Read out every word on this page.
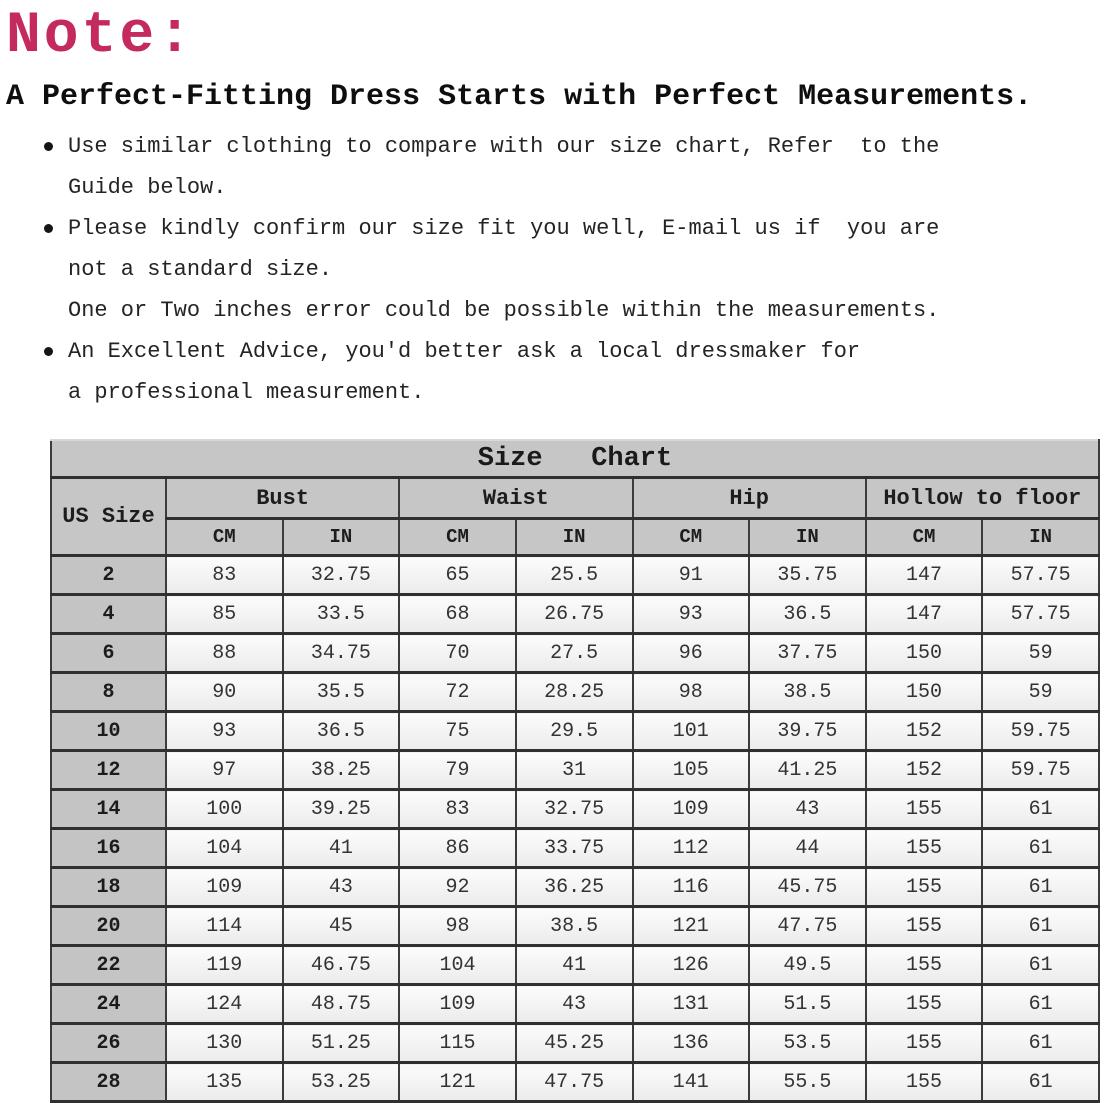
Note:
A Perfect-Fitting Dress Starts with Perfect Measurements.
Use similar clothing to compare with our size chart, Refer  to the
Guide below.
Please kindly confirm our size fit you well, E-mail us if  you are
not a standard size.
One or Two inches error could be possible within the measurements.
An Excellent Advice, you'd better ask a local dressmaker for
a professional measurement.
Size   Chart								
US Size	Bust		Waist		Hip		Hollow to floor	
	CM	IN	CM	IN	CM	IN	CM	IN
2	83	32.75	65	25.5	91	35.75	147	57.75
4	85	33.5	68	26.75	93	36.5	147	57.75
6	88	34.75	70	27.5	96	37.75	150	59
8	90	35.5	72	28.25	98	38.5	150	59
10	93	36.5	75	29.5	101	39.75	152	59.75
12	97	38.25	79	31	105	41.25	152	59.75
14	100	39.25	83	32.75	109	43	155	61
16	104	41	86	33.75	112	44	155	61
18	109	43	92	36.25	116	45.75	155	61
20	114	45	98	38.5	121	47.75	155	61
22	119	46.75	104	41	126	49.5	155	61
24	124	48.75	109	43	131	51.5	155	61
26	130	51.25	115	45.25	136	53.5	155	61
28	135	53.25	121	47.75	141	55.5	155	61
